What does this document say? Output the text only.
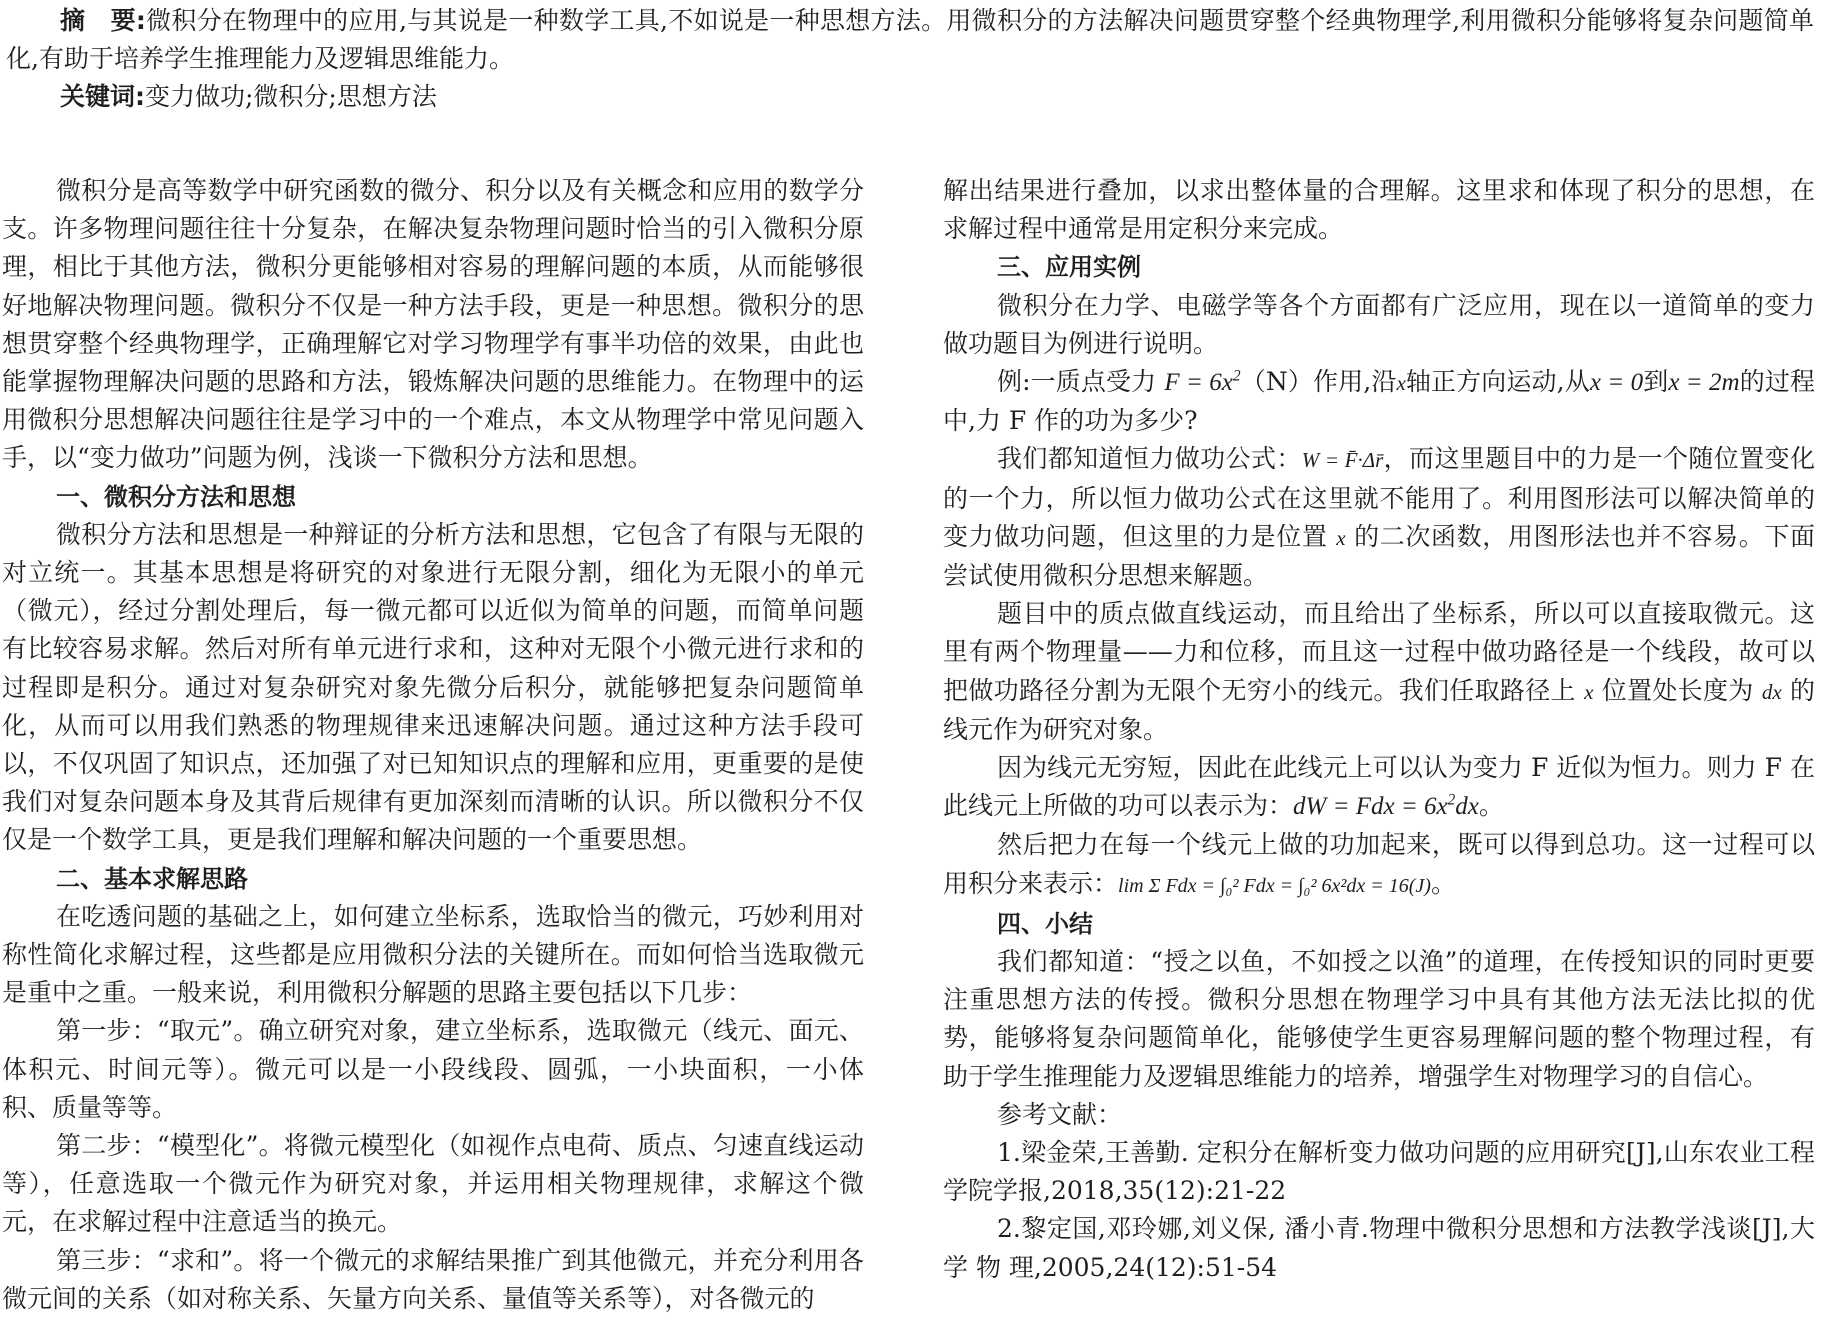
摘　要:微积分在物理中的应用,与其说是一种数学工具,不如说是一种思想方法。用微积分的方法解决问题贯穿整个经典物理学,利用微积分能够将复杂问题简单化,有助于培养学生推理能力及逻辑思维能力。

关键词:变力做功;微积分;思想方法

微积分是高等数学中研究函数的微分、积分以及有关概念和应用的数学分支。许多物理问题往往十分复杂，在解决复杂物理问题时恰当的引入微积分原理，相比于其他方法，微积分更能够相对容易的理解问题的本质，从而能够很好地解决物理问题。微积分不仅是一种方法手段，更是一种思想。微积分的思想贯穿整个经典物理学，正确理解它对学习物理学有事半功倍的效果，由此也能掌握物理解决问题的思路和方法，锻炼解决问题的思维能力。在物理中的运用微积分思想解决问题往往是学习中的一个难点，本文从物理学中常见问题入手，以“变力做功”问题为例，浅谈一下微积分方法和思想。

一、微积分方法和思想

微积分方法和思想是一种辩证的分析方法和思想，它包含了有限与无限的对立统一。其基本思想是将研究的对象进行无限分割，细化为无限小的单元（微元），经过分割处理后，每一微元都可以近似为简单的问题，而简单问题有比较容易求解。然后对所有单元进行求和，这种对无限个小微元进行求和的过程即是积分。通过对复杂研究对象先微分后积分，就能够把复杂问题简单化，从而可以用我们熟悉的物理规律来迅速解决问题。通过这种方法手段可以，不仅巩固了知识点，还加强了对已知知识点的理解和应用，更重要的是使我们对复杂问题本身及其背后规律有更加深刻而清晰的认识。所以微积分不仅仅是一个数学工具，更是我们理解和解决问题的一个重要思想。

二、基本求解思路

在吃透问题的基础之上，如何建立坐标系，选取恰当的微元，巧妙利用对称性简化求解过程，这些都是应用微积分法的关键所在。而如何恰当选取微元是重中之重。一般来说，利用微积分解题的思路主要包括以下几步：

第一步：“取元”。确立研究对象，建立坐标系，选取微元（线元、面元、体积元、时间元等）。微元可以是一小段线段、圆弧，一小块面积，一小体积、质量等等。

第二步：“模型化”。将微元模型化（如视作点电荷、质点、匀速直线运动等），任意选取一个微元作为研究对象，并运用相关物理规律，求解这个微元，在求解过程中注意适当的换元。

第三步：“求和”。将一个微元的求解结果推广到其他微元，并充分利用各微元间的关系（如对称关系、矢量方向关系、量值等关系等），对各微元的

解出结果进行叠加，以求出整体量的合理解。这里求和体现了积分的思想，在求解过程中通常是用定积分来完成。

三、应用实例

微积分在力学、电磁学等各个方面都有广泛应用，现在以一道简单的变力做功题目为例进行说明。

例:一质点受力 $F = 6x^2(N)$作用,沿x轴正方向运动,从x = 0到x = 2m的过程中,力 F 作的功为多少?

我们都知道恒力做功公式：W = F̄·Δr̄，而这里题目中的力是一个随位置变化的一个力，所以恒力做功公式在这里就不能用了。利用图形法可以解决简单的变力做功问题，但这里的力是位置 x 的二次函数，用图形法也并不容易。下面尝试使用微积分思想来解题。

题目中的质点做直线运动，而且给出了坐标系，所以可以直接取微元。这里有两个物理量——力和位移，而且这一过程中做功路径是一个线段，故可以把做功路径分割为无限个无穷小的线元。我们任取路径上 x 位置处长度为 dx 的线元作为研究对象。

因为线元无穷短，因此在此线元上可以认为变力 F 近似为恒力。则力 F 在此线元上所做的功可以表示为：dW = Fdx = $6x^2dx$。

然后把力在每一个线元上做的功加起来，既可以得到总功。这一过程可以用积分来表示：lim Σ Fdx = ∫₀² Fdx = ∫₀² 6x²dx = 16(J)。

四、小结

我们都知道：“授之以鱼，不如授之以渔”的道理，在传授知识的同时更要注重思想方法的传授。微积分思想在物理学习中具有其他方法无法比拟的优势，能够将复杂问题简单化，能够使学生更容易理解问题的整个物理过程，有助于学生推理能力及逻辑思维能力的培养，增强学生对物理学习的自信心。

参考文献：

1.梁金荣,王善勤. 定积分在解析变力做功问题的应用研究[J],山东农业工程学院学报,2018,35(12):21-22

2.黎定国,邓玲娜,刘义保, 潘小青.物理中微积分思想和方法教学浅谈[J],大 学 物 理,2005,24(12):51-54
